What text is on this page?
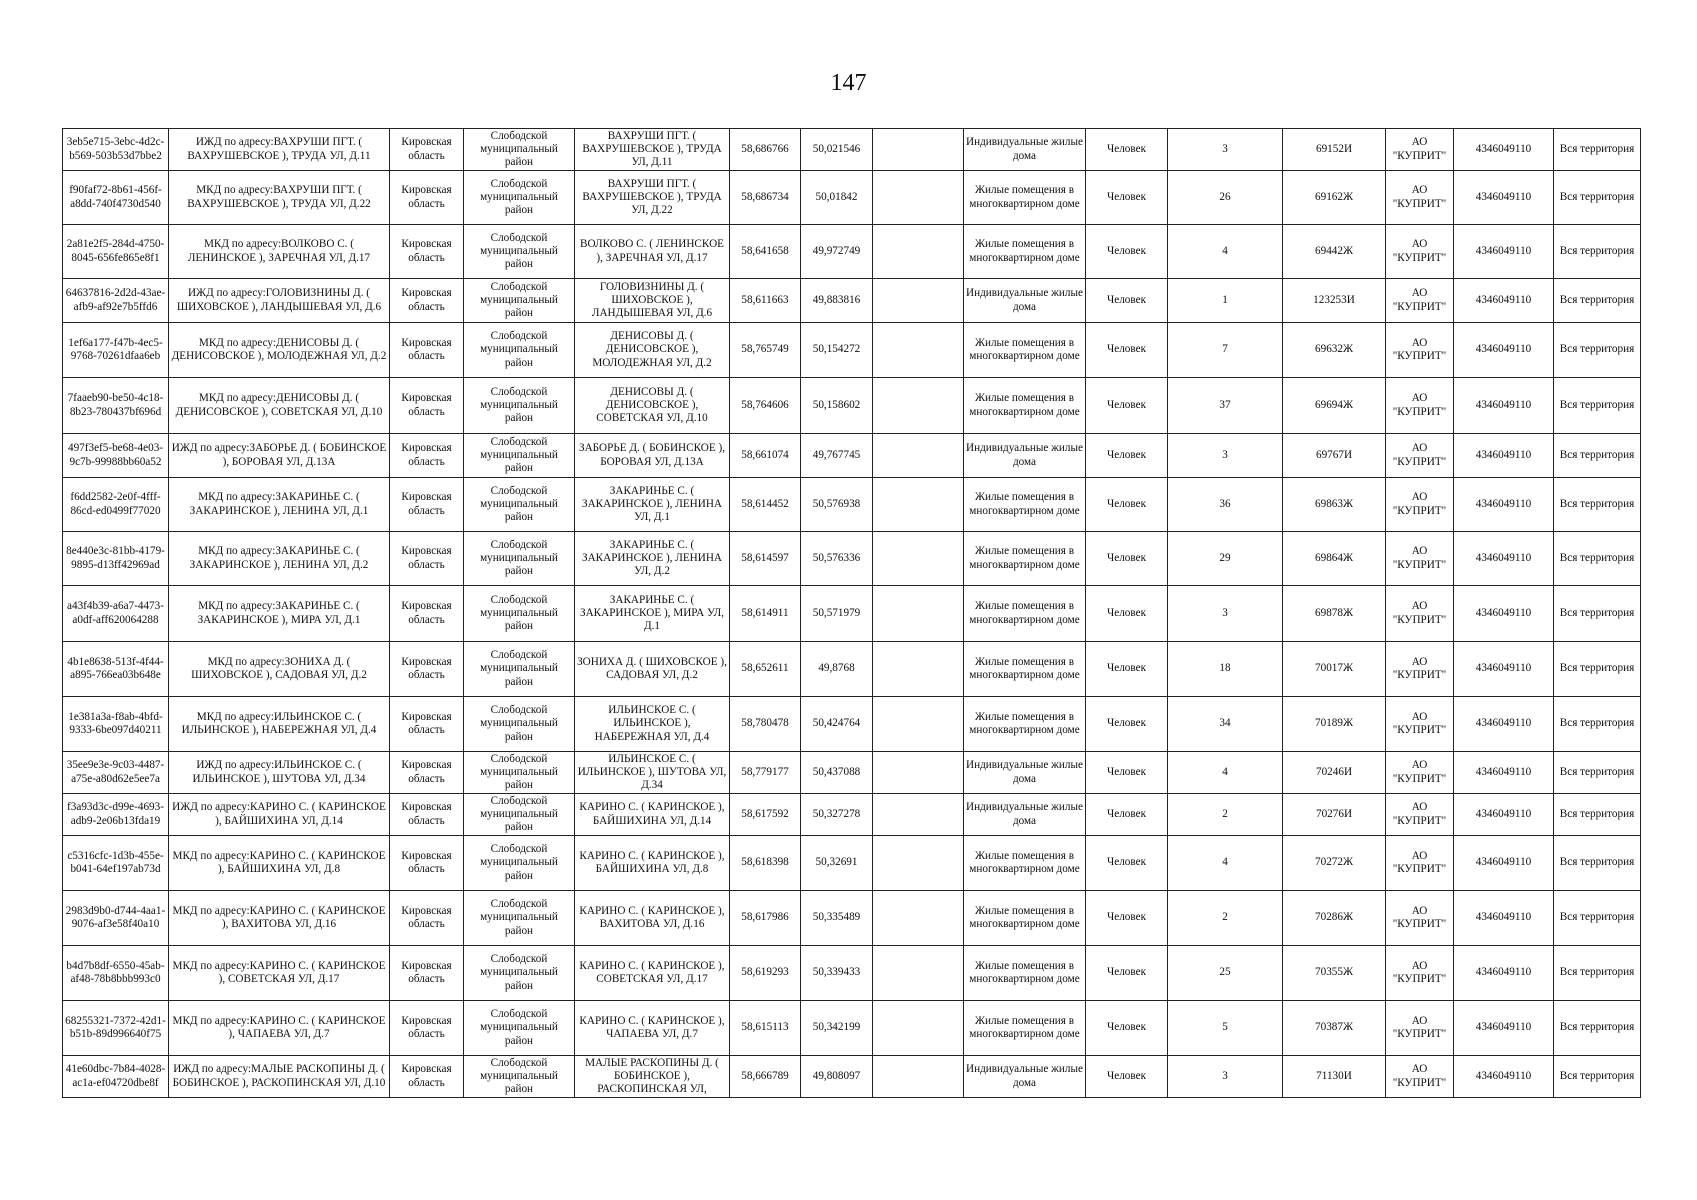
147
3eb5e715-3ebc-4d2c-b569-503b53d7bbe2	ИЖД по адресу:ВАХРУШИ ПГТ. ( ВАХРУШЕВСКОЕ ), ТРУДА УЛ, Д.11	Кировская область	Слободской муниципальный район	ВАХРУШИ ПГТ. ( ВАХРУШЕВСКОЕ ), ТРУДА УЛ, Д.11	58,686766	50,021546		Индивидуальные жилые дома	Человек	3	69152И	АО "КУПРИТ"	4346049110	Вся территория
f90faf72-8b61-456f-a8dd-740f4730d540	МКД по адресу:ВАХРУШИ ПГТ. ( ВАХРУШЕВСКОЕ ), ТРУДА УЛ, Д.22	Кировская область	Слободской муниципальный район	ВАХРУШИ ПГТ. ( ВАХРУШЕВСКОЕ ), ТРУДА УЛ, Д.22	58,686734	50,01842		Жилые помещения в многоквартирном доме	Человек	26	69162Ж	АО "КУПРИТ"	4346049110	Вся территория
2a81e2f5-284d-4750-8045-656fe865e8f1	МКД по адресу:ВОЛКОВО С. ( ЛЕНИНСКОЕ ), ЗАРЕЧНАЯ УЛ, Д.17	Кировская область	Слободской муниципальный район	ВОЛКОВО С. ( ЛЕНИНСКОЕ ), ЗАРЕЧНАЯ УЛ, Д.17	58,641658	49,972749		Жилые помещения в многоквартирном доме	Человек	4	69442Ж	АО "КУПРИТ"	4346049110	Вся территория
64637816-2d2d-43ae-afb9-af92e7b5ffd6	ИЖД по адресу:ГОЛОВИЗНИНЫ Д. ( ШИХОВСКОЕ ), ЛАНДЫШЕВАЯ УЛ, Д.6	Кировская область	Слободской муниципальный район	ГОЛОВИЗНИНЫ Д. ( ШИХОВСКОЕ ), ЛАНДЫШЕВАЯ УЛ, Д.6	58,611663	49,883816		Индивидуальные жилые дома	Человек	1	123253И	АО "КУПРИТ"	4346049110	Вся территория
1ef6a177-f47b-4ec5-9768-70261dfaa6eb	МКД по адресу:ДЕНИСОВЫ Д. ( ДЕНИСОВСКОЕ ), МОЛОДЕЖНАЯ УЛ, Д.2	Кировская область	Слободской муниципальный район	ДЕНИСОВЫ Д. ( ДЕНИСОВСКОЕ ), МОЛОДЕЖНАЯ УЛ, Д.2	58,765749	50,154272		Жилые помещения в многоквартирном доме	Человек	7	69632Ж	АО "КУПРИТ"	4346049110	Вся территория
7faaeb90-be50-4c18-8b23-780437bf696d	МКД по адресу:ДЕНИСОВЫ Д. ( ДЕНИСОВСКОЕ ), СОВЕТСКАЯ УЛ, Д.10	Кировская область	Слободской муниципальный район	ДЕНИСОВЫ Д. ( ДЕНИСОВСКОЕ ), СОВЕТСКАЯ УЛ, Д.10	58,764606	50,158602		Жилые помещения в многоквартирном доме	Человек	37	69694Ж	АО "КУПРИТ"	4346049110	Вся территория
497f3ef5-be68-4e03-9c7b-99988bb60a52	ИЖД по адресу:ЗАБОРЬЕ Д. ( БОБИНСКОЕ ), БОРОВАЯ УЛ, Д.13А	Кировская область	Слободской муниципальный район	ЗАБОРЬЕ Д. ( БОБИНСКОЕ ), БОРОВАЯ УЛ, Д.13А	58,661074	49,767745		Индивидуальные жилые дома	Человек	3	69767И	АО "КУПРИТ"	4346049110	Вся территория
f6dd2582-2e0f-4fff-86cd-ed0499f77020	МКД по адресу:ЗАКАРИНЬЕ С. ( ЗАКАРИНСКОЕ ), ЛЕНИНА УЛ, Д.1	Кировская область	Слободской муниципальный район	ЗАКАРИНЬЕ С. ( ЗАКАРИНСКОЕ ), ЛЕНИНА УЛ, Д.1	58,614452	50,576938		Жилые помещения в многоквартирном доме	Человек	36	69863Ж	АО "КУПРИТ"	4346049110	Вся территория
8e440e3c-81bb-4179-9895-d13ff42969ad	МКД по адресу:ЗАКАРИНЬЕ С. ( ЗАКАРИНСКОЕ ), ЛЕНИНА УЛ, Д.2	Кировская область	Слободской муниципальный район	ЗАКАРИНЬЕ С. ( ЗАКАРИНСКОЕ ), ЛЕНИНА УЛ, Д.2	58,614597	50,576336		Жилые помещения в многоквартирном доме	Человек	29	69864Ж	АО "КУПРИТ"	4346049110	Вся территория
a43f4b39-a6a7-4473-a0df-aff620064288	МКД по адресу:ЗАКАРИНЬЕ С. ( ЗАКАРИНСКОЕ ), МИРА УЛ, Д.1	Кировская область	Слободской муниципальный район	ЗАКАРИНЬЕ С. ( ЗАКАРИНСКОЕ ), МИРА УЛ, Д.1	58,614911	50,571979		Жилые помещения в многоквартирном доме	Человек	3	69878Ж	АО "КУПРИТ"	4346049110	Вся территория
4b1e8638-513f-4f44-a895-766ea03b648e	МКД по адресу:ЗОНИХА Д. ( ШИХОВСКОЕ ), САДОВАЯ УЛ, Д.2	Кировская область	Слободской муниципальный район	ЗОНИХА Д. ( ШИХОВСКОЕ ), САДОВАЯ УЛ, Д.2	58,652611	49,8768		Жилые помещения в многоквартирном доме	Человек	18	70017Ж	АО "КУПРИТ"	4346049110	Вся территория
1e381a3a-f8ab-4bfd-9333-6be097d40211	МКД по адресу:ИЛЬИНСКОЕ С. ( ИЛЬИНСКОЕ ), НАБЕРЕЖНАЯ УЛ, Д.4	Кировская область	Слободской муниципальный район	ИЛЬИНСКОЕ С. ( ИЛЬИНСКОЕ ), НАБЕРЕЖНАЯ УЛ, Д.4	58,780478	50,424764		Жилые помещения в многоквартирном доме	Человек	34	70189Ж	АО "КУПРИТ"	4346049110	Вся территория
35ee9e3e-9c03-4487-a75e-a80d62e5ee7a	ИЖД по адресу:ИЛЬИНСКОЕ С. ( ИЛЬИНСКОЕ ), ШУТОВА УЛ, Д.34	Кировская область	Слободской муниципальный район	ИЛЬИНСКОЕ С. ( ИЛЬИНСКОЕ ), ШУТОВА УЛ, Д.34	58,779177	50,437088		Индивидуальные жилые дома	Человек	4	70246И	АО "КУПРИТ"	4346049110	Вся территория
f3a93d3c-d99e-4693-adb9-2e06b13fda19	ИЖД по адресу:КАРИНО С. ( КАРИНСКОЕ ), БАЙШИХИНА УЛ, Д.14	Кировская область	Слободской муниципальный район	КАРИНО С. ( КАРИНСКОЕ ), БАЙШИХИНА УЛ, Д.14	58,617592	50,327278		Индивидуальные жилые дома	Человек	2	70276И	АО "КУПРИТ"	4346049110	Вся территория
c5316cfc-1d3b-455e-b041-64ef197ab73d	МКД по адресу:КАРИНО С. ( КАРИНСКОЕ ), БАЙШИХИНА УЛ, Д.8	Кировская область	Слободской муниципальный район	КАРИНО С. ( КАРИНСКОЕ ), БАЙШИХИНА УЛ, Д.8	58,618398	50,32691		Жилые помещения в многоквартирном доме	Человек	4	70272Ж	АО "КУПРИТ"	4346049110	Вся территория
2983d9b0-d744-4aa1-9076-af3e58f40a10	МКД по адресу:КАРИНО С. ( КАРИНСКОЕ ), ВАХИТОВА УЛ, Д.16	Кировская область	Слободской муниципальный район	КАРИНО С. ( КАРИНСКОЕ ), ВАХИТОВА УЛ, Д.16	58,617986	50,335489		Жилые помещения в многоквартирном доме	Человек	2	70286Ж	АО "КУПРИТ"	4346049110	Вся территория
b4d7b8df-6550-45ab-af48-78b8bbb993c0	МКД по адресу:КАРИНО С. ( КАРИНСКОЕ ), СОВЕТСКАЯ УЛ, Д.17	Кировская область	Слободской муниципальный район	КАРИНО С. ( КАРИНСКОЕ ), СОВЕТСКАЯ УЛ, Д.17	58,619293	50,339433		Жилые помещения в многоквартирном доме	Человек	25	70355Ж	АО "КУПРИТ"	4346049110	Вся территория
68255321-7372-42d1-b51b-89d996640f75	МКД по адресу:КАРИНО С. ( КАРИНСКОЕ ), ЧАПАЕВА УЛ, Д.7	Кировская область	Слободской муниципальный район	КАРИНО С. ( КАРИНСКОЕ ), ЧАПАЕВА УЛ, Д.7	58,615113	50,342199		Жилые помещения в многоквартирном доме	Человек	5	70387Ж	АО "КУПРИТ"	4346049110	Вся территория
41e60dbc-7b84-4028-ac1a-ef04720dbe8f	ИЖД по адресу:МАЛЫЕ РАСКОПИНЫ Д. ( БОБИНСКОЕ ), РАСКОПИНСКАЯ УЛ, Д.10	Кировская область	Слободской муниципальный район	МАЛЫЕ РАСКОПИНЫ Д. ( БОБИНСКОЕ ), РАСКОПИНСКАЯ УЛ,	58,666789	49,808097		Индивидуальные жилые дома	Человек	3	71130И	АО "КУПРИТ"	4346049110	Вся территория
